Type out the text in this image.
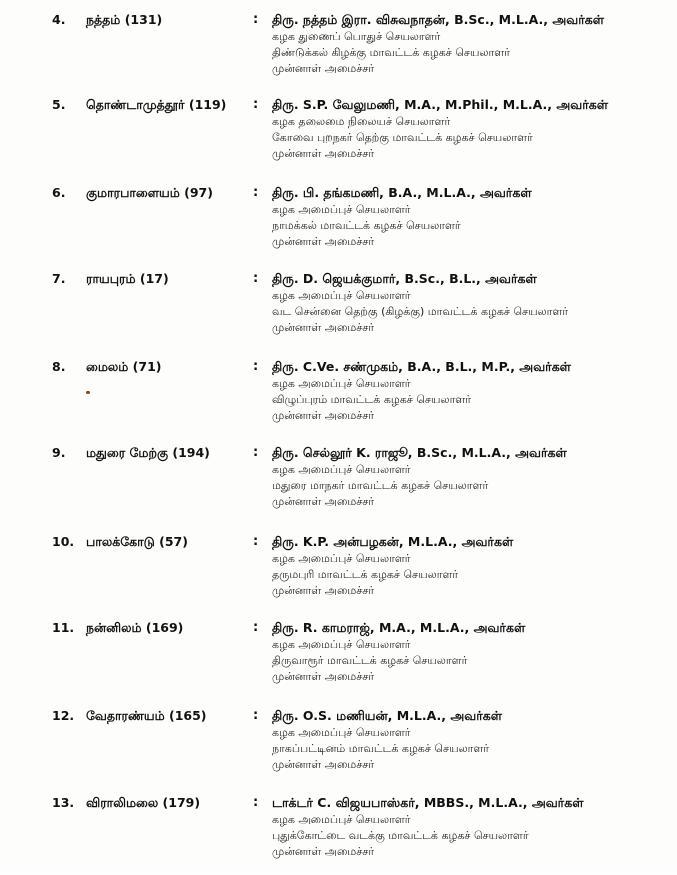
4. நத்தம் (131)	: திரு. நத்தம் இரா. விசுவநாதன், B.Sc., M.L.A., அவர்கள்
கழக துணைப் பொதுச் செயலாளர்
திண்டுக்கல் கிழக்கு மாவட்டக் கழகச் செயலாளர்
முன்னாள் அமைச்சர்
5. தொண்டாமுத்தூர் (119) : திரு. S.P. வேலுமணி, M.A., M.Phil., M.L.A., அவர்கள்
கழக தலைமை நிலையச் செயலாளர்
கோவை புறநகர் தெற்கு மாவட்டக் கழகச் செயலாளர்
முன்னாள் அமைச்சர்
6. குமாரபாளையம் (97)	: திரு. பி. தங்கமணி, B.A., M.L.A., அவர்கள்
கழக அமைப்புச் செயலாளர்
நாமக்கல் மாவட்டக் கழகச் செயலாளர்
முன்னாள் அமைச்சர்
7. ராயபுரம் (17)	: திரு. D. ஜெயக்குமார், B.Sc., B.L., அவர்கள்
கழக அமைப்புச் செயலாளர்
வட சென்னை தெற்கு (கிழக்கு) மாவட்டக் கழகச் செயலாளர்
முன்னாள் அமைச்சர்
8. மைலம் (71)	: திரு. C.Ve. சண்முகம், B.A., B.L., M.P., அவர்கள்
கழக அமைப்புச் செயலாளர்
விழுப்புரம் மாவட்டக் கழகச் செயலாளர்
முன்னாள் அமைச்சர்
9. மதுரை மேற்கு (194)	: திரு. செல்லூர் K. ராஜூ, B.Sc., M.L.A., அவர்கள்
கழக அமைப்புச் செயலாளர்
மதுரை மாநகர் மாவட்டக் கழகச் செயலாளர்
முன்னாள் அமைச்சர்
10. பாலக்கோடு (57)	: திரு. K.P. அன்பழகன், M.L.A., அவர்கள்
கழக அமைப்புச் செயலாளர்
தருமபுரி மாவட்டக் கழகச் செயலாளர்
முன்னாள் அமைச்சர்
11. நன்னிலம் (169)	: திரு. R. காமராஜ், M.A., M.L.A., அவர்கள்
கழக அமைப்புச் செயலாளர்
திருவாரூர் மாவட்டக் கழகச் செயலாளர்
முன்னாள் அமைச்சர்
12. வேதாரண்யம் (165)	: திரு. O.S. மணியன், M.L.A., அவர்கள்
கழக அமைப்புச் செயலாளர்
நாகப்பட்டினம் மாவட்டக் கழகச் செயலாளர்
முன்னாள் அமைச்சர்
13. விராலிமலை (179)	: டாக்டர் C. விஜயபாஸ்கர், MBBS., M.L.A., அவர்கள்
கழக அமைப்புச் செயலாளர்
புதுக்கோட்டை வடக்கு மாவட்டக் கழகச் செயலாளர்
முன்னாள் அமைச்சர்
